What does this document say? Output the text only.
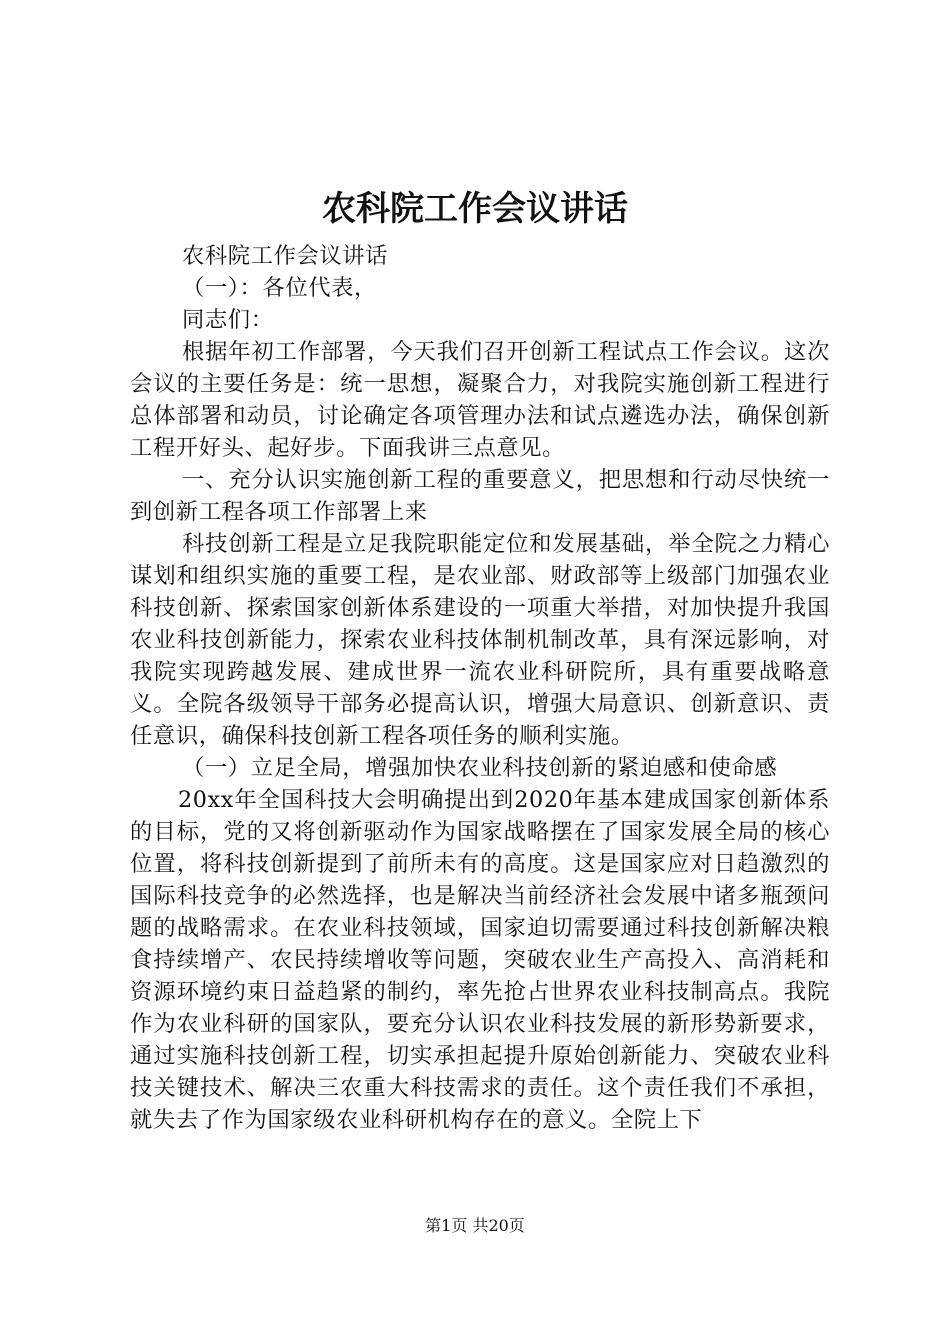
农科院工作会议讲话

农科院工作会议讲话

（一）：各位代表，

同志们：

根据年初工作部署，今天我们召开创新工程试点工作会议。这次会议的主要任务是：统一思想，凝聚合力，对我院实施创新工程进行总体部署和动员，讨论确定各项管理办法和试点遴选办法，确保创新工程开好头、起好步。下面我讲三点意见。

一、充分认识实施创新工程的重要意义，把思想和行动尽快统一到创新工程各项工作部署上来

科技创新工程是立足我院职能定位和发展基础，举全院之力精心谋划和组织实施的重要工程，是农业部、财政部等上级部门加强农业科技创新、探索国家创新体系建设的一项重大举措，对加快提升我国农业科技创新能力，探索农业科技体制机制改革，具有深远影响，对我院实现跨越发展、建成世界一流农业科研院所，具有重要战略意义。全院各级领导干部务必提高认识，增强大局意识、创新意识、责任意识，确保科技创新工程各项任务的顺利实施。

（一）立足全局，增强加快农业科技创新的紧迫感和使命感

20xx年全国科技大会明确提出到2020年基本建成国家创新体系的目标，党的又将创新驱动作为国家战略摆在了国家发展全局的核心位置，将科技创新提到了前所未有的高度。这是国家应对日趋激烈的国际科技竞争的必然选择，也是解决当前经济社会发展中诸多瓶颈问题的战略需求。在农业科技领域，国家迫切需要通过科技创新解决粮食持续增产、农民持续增收等问题，突破农业生产高投入、高消耗和资源环境约束日益趋紧的制约，率先抢占世界农业科技制高点。我院作为农业科研的国家队，要充分认识农业科技发展的新形势新要求，通过实施科技创新工程，切实承担起提升原始创新能力、突破农业科技关键技术、解决三农重大科技需求的责任。这个责任我们不承担，就失去了作为国家级农业科研机构存在的意义。全院上下

第1页 共20页
